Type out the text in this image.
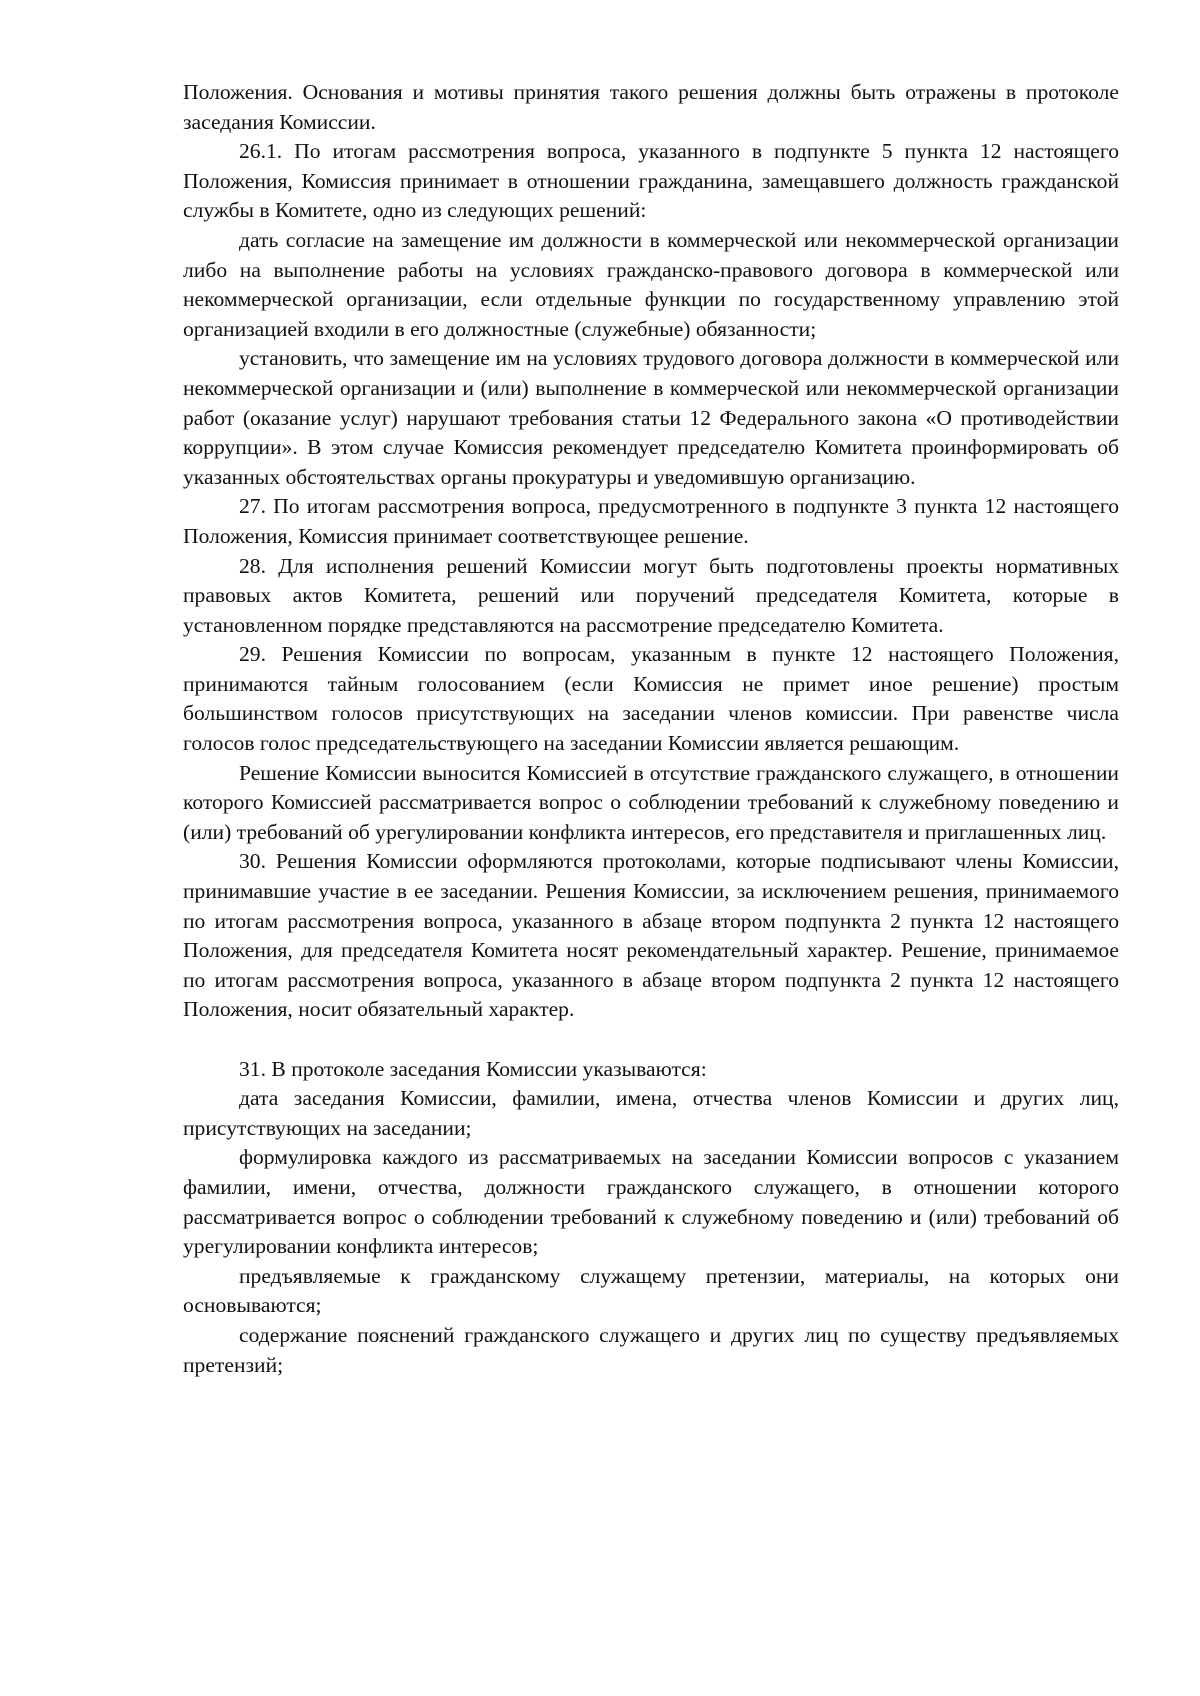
Положения. Основания и мотивы принятия такого решения должны быть отражены в протоколе заседания Комиссии.

26.1. По итогам рассмотрения вопроса, указанного в подпункте 5 пункта 12 настоящего Положения, Комиссия принимает в отношении гражданина, замещавшего должность гражданской службы в Комитете, одно из следующих решений:

дать согласие на замещение им должности в коммерческой или некоммерческой организации либо на выполнение работы на условиях гражданско-правового договора в коммерческой или некоммерческой организации, если отдельные функции по государственному управлению этой организацией входили в его должностные (служебные) обязанности;

установить, что замещение им на условиях трудового договора должности в коммерческой или некоммерческой организации и (или) выполнение в коммерческой или некоммерческой организации работ (оказание услуг) нарушают требования статьи 12 Федерального закона «О противодействии коррупции». В этом случае Комиссия рекомендует председателю Комитета проинформировать об указанных обстоятельствах органы прокуратуры и уведомившую организацию.

27. По итогам рассмотрения вопроса, предусмотренного в подпункте 3 пункта 12 настоящего Положения, Комиссия принимает соответствующее решение.

28. Для исполнения решений Комиссии могут быть подготовлены проекты нормативных правовых актов Комитета, решений или поручений председателя Комитета, которые в установленном порядке представляются на рассмотрение председателю Комитета.

29. Решения Комиссии по вопросам, указанным в пункте 12 настоящего Положения, принимаются тайным голосованием (если Комиссия не примет иное решение) простым большинством голосов присутствующих на заседании членов комиссии. При равенстве числа голосов голос председательствующего на заседании Комиссии является решающим.

Решение Комиссии выносится Комиссией в отсутствие гражданского служащего, в отношении которого Комиссией рассматривается вопрос о соблюдении требований к служебному поведению и (или) требований об урегулировании конфликта интересов, его представителя и приглашенных лиц.

30. Решения Комиссии оформляются протоколами, которые подписывают члены Комиссии, принимавшие участие в ее заседании. Решения Комиссии, за исключением решения, принимаемого по итогам рассмотрения вопроса, указанного в абзаце втором подпункта 2 пункта 12 настоящего Положения, для председателя Комитета носят рекомендательный характер. Решение, принимаемое по итогам рассмотрения вопроса, указанного в абзаце втором подпункта 2 пункта 12 настоящего Положения, носит обязательный характер.

31. В протоколе заседания Комиссии указываются:

дата заседания Комиссии, фамилии, имена, отчества членов Комиссии и других лиц, присутствующих на заседании;

формулировка каждого из рассматриваемых на заседании Комиссии вопросов с указанием фамилии, имени, отчества, должности гражданского служащего, в отношении которого рассматривается вопрос о соблюдении требований к служебному поведению и (или) требований об урегулировании конфликта интересов;

предъявляемые к гражданскому служащему претензии, материалы, на которых они основываются;

содержание пояснений гражданского служащего и других лиц по существу предъявляемых претензий;
